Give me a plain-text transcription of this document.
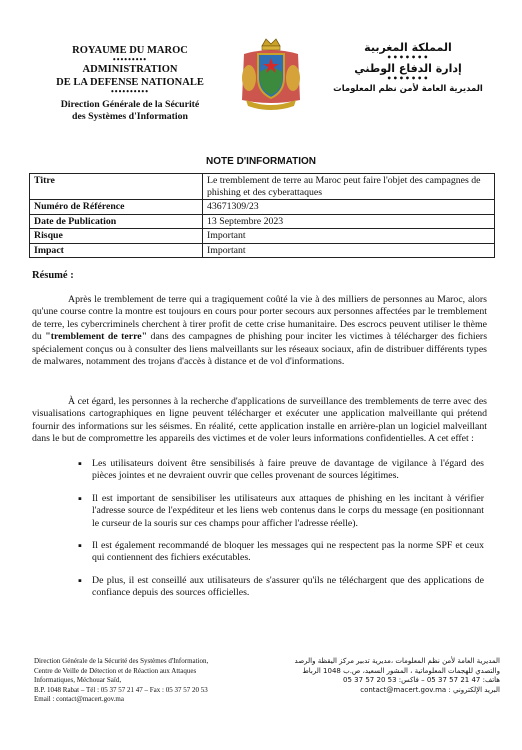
ROYAUME DU MAROC
•••••••••
ADMINISTRATION
DE LA DEFENSE NATIONALE
••••••••••
Direction Générale de la Sécurité
des Systèmes d'Information
المملكة المغربية
•••••••
إدارة الدفاع الوطني
•••••••
المديرية العامة لأمن نظم المعلومات
NOTE D'INFORMATION
Titre	Le tremblement de terre au Maroc peut faire l'objet des campagnes de phishing et des cyberattaques
Numéro de Référence	43671309/23
Date de Publication	13 Septembre 2023
Risque	Important
Impact	Important
Résumé :

Après le tremblement de terre qui a tragiquement coûté la vie à des milliers de personnes au Maroc, alors qu'une course contre la montre est toujours en cours pour porter secours aux personnes affectées par le tremblement de terre, les cybercriminels cherchent à tirer profit de cette crise humanitaire. Des escrocs peuvent utiliser le thème du "tremblement de terre" dans des campagnes de phishing pour inciter les victimes à télécharger des fichiers spécialement conçus ou à consulter des liens malveillants sur les réseaux sociaux, afin de distribuer différents types de malwares, notamment des trojans d'accès à distance et de vol d'informations.

À cet égard, les personnes à la recherche d'applications de surveillance des tremblements de terre avec des visualisations cartographiques en ligne peuvent télécharger et exécuter une application malveillante qui prétend fournir des informations sur les séismes. En réalité, cette application installe en arrière-plan un logiciel malveillant dans le but de compromettre les appareils des victimes et de voler leurs informations confidentielles. A cet effet :

▪ Les utilisateurs doivent être sensibilisés à faire preuve de davantage de vigilance à l'égard des pièces jointes et ne devraient ouvrir que celles provenant de sources légitimes.
▪ Il est important de sensibiliser les utilisateurs aux attaques de phishing en les incitant à vérifier l'adresse source de l'expéditeur et les liens web contenus dans le corps du message (en positionnant le curseur de la souris sur ces champs pour afficher l'adresse réelle).
▪ Il est également recommandé de bloquer les messages qui ne respectent pas la norme SPF et ceux qui contiennent des fichiers exécutables.
▪ De plus, il est conseillé aux utilisateurs de s'assurer qu'ils ne téléchargent que des applications de confiance depuis des sources officielles.
Direction Générale de la Sécurité des Systèmes d'Information,
Centre de Veille de Détection et de Réaction aux Attaques
Informatiques, Méchouar Saïd,
B.P. 1048 Rabat – Tél : 05 37 57 21 47 – Fax : 05 37 57 20 53
Email : contact@macert.gov.ma
المديرية العامة لأمن نظم المعلومات ،مديرية تدبير مركز اليقظة والرصد
والتصدي للهجمات المعلوماتية ، المشور السعيد، ص.ب 1048 الرباط
هاتف: 47 21 57 37 05 – فاكس: 53 20 57 37 05
البريد الإلكتروني : contact@macert.gov.ma
